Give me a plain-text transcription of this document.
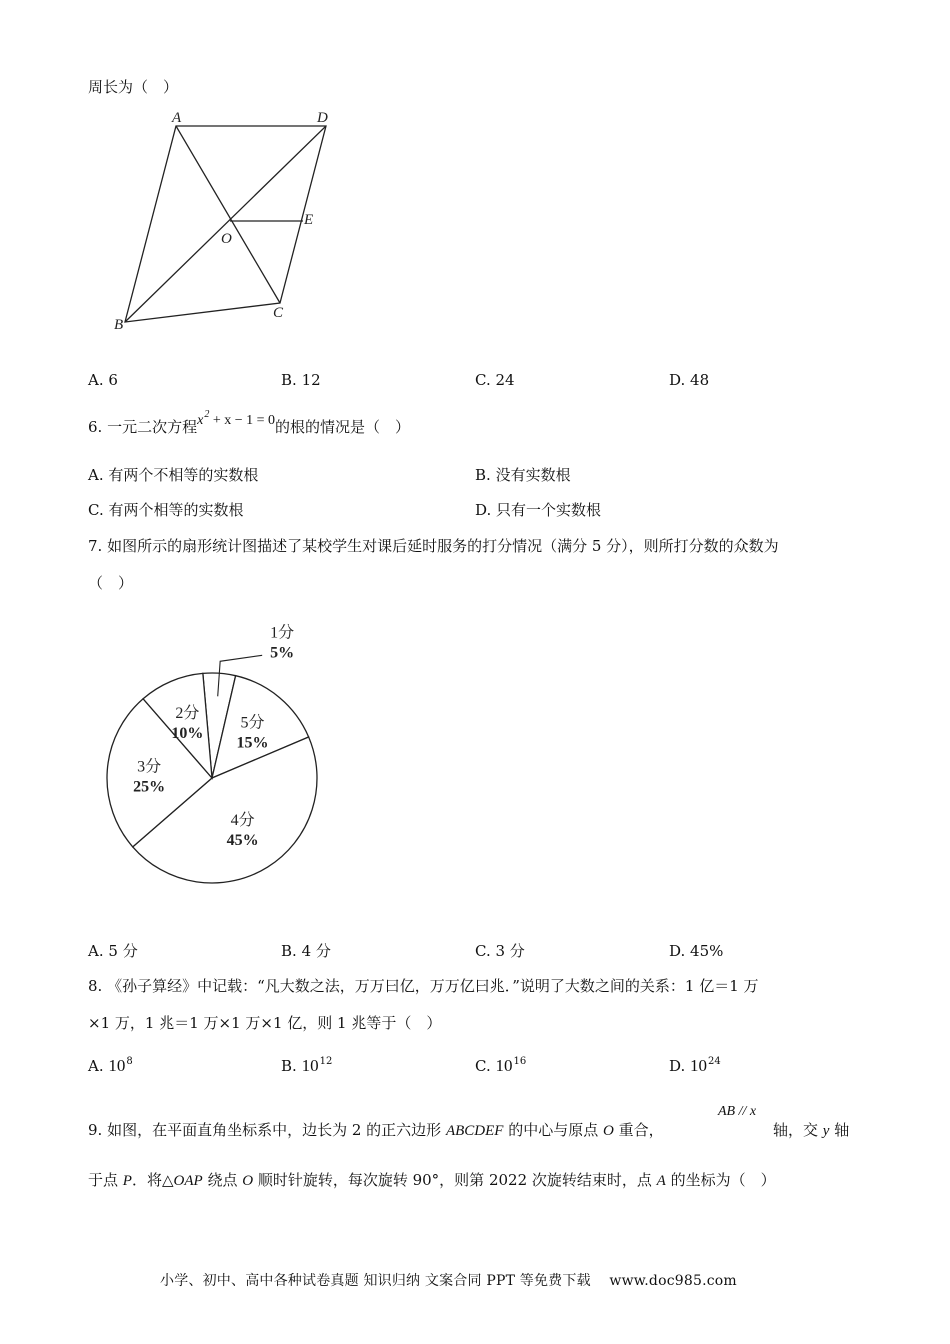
周长为（　）
A	D
B
C
O
E
A. 6	B. 12	C. 24	D. 48
6. 一元二次方程$x^2 + x - 1 = 0$的根的情况是（　）
A. 有两个不相等的实数根	B. 没有实数根
C. 有两个相等的实数根	D. 只有一个实数根
7. 如图所示的扇形统计图描述了某校学生对课后延时服务的打分情况（满分 5 分），则所打分数的众数为
（　）
1分
5%
5分
15%
4分
45%
3分
25%
2分
10%
A. 5 分	B. 4 分	C. 3 分	D. 45%
8. 《孙子算经》中记载：“凡大数之法，万万曰亿，万万亿曰兆．”说明了大数之间的关系：1 亿＝1 万
×1 万，1 兆＝1 万×1 万×1 亿，则 1 兆等于（　）
A. $10^8$	B. $10^{12}$	C. $10^{16}$	D. $10^{24}$
9. 如图，在平面直角坐标系中，边长为 2 的正六边形 ABCDEF 的中心与原点 O 重合，
AB // x
轴，交 y 轴
于点 P．将△OAP 绕点 O 顺时针旋转，每次旋转 90°，则第 2022 次旋转结束时，点 A 的坐标为（　）
小学、初中、高中各种试卷真题 知识归纳 文案合同 PPT 等免费下载 www.doc985.com
